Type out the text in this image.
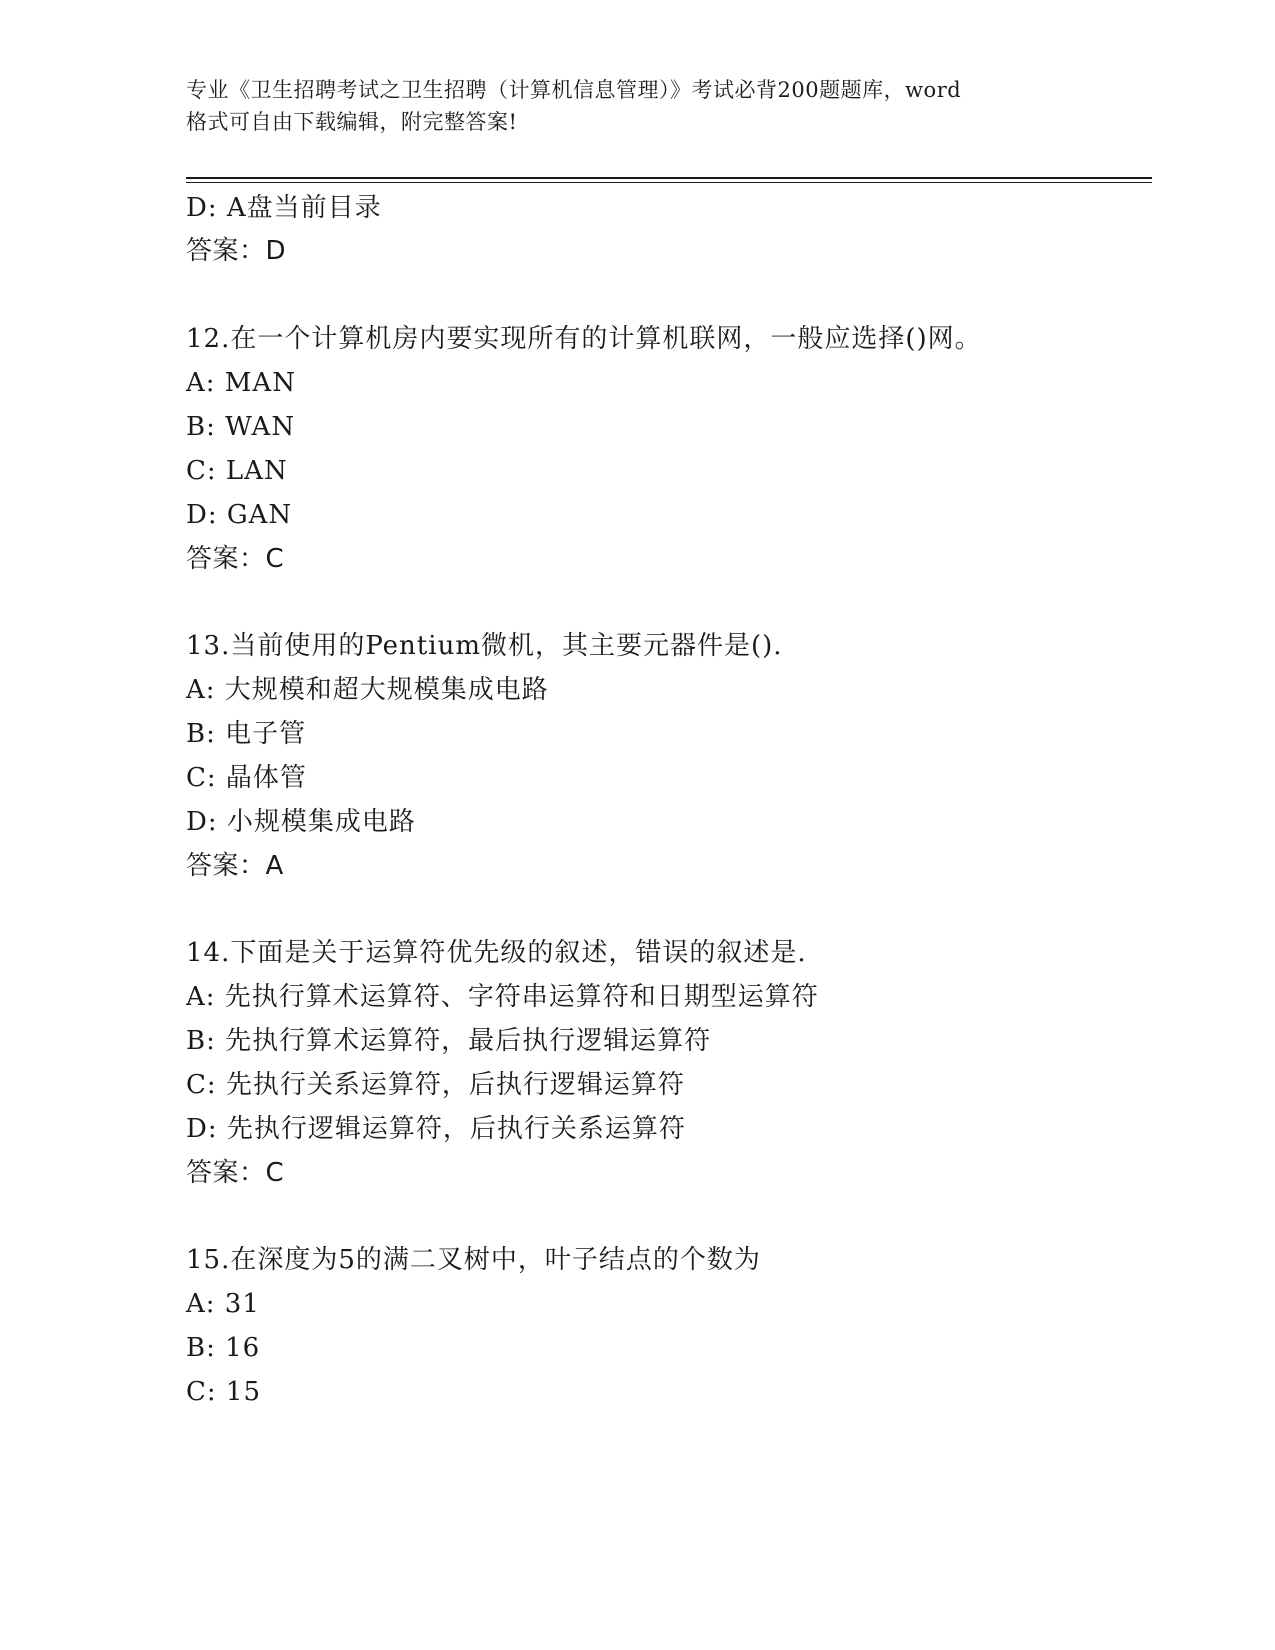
专业《卫生招聘考试之卫生招聘（计算机信息管理）》考试必背200题题库，word
格式可自由下载编辑，附完整答案!
D: A盘当前目录
答案：D
12.在一个计算机房内要实现所有的计算机联网，一般应选择()网。
A: MAN
B: WAN
C: LAN
D: GAN
答案：C
13.当前使用的Pentium微机，其主要元器件是().
A: 大规模和超大规模集成电路
B: 电子管
C: 晶体管
D: 小规模集成电路
答案：A
14.下面是关于运算符优先级的叙述，错误的叙述是.
A: 先执行算术运算符、字符串运算符和日期型运算符
B: 先执行算术运算符，最后执行逻辑运算符
C: 先执行关系运算符，后执行逻辑运算符
D: 先执行逻辑运算符，后执行关系运算符
答案：C
15.在深度为5的满二叉树中，叶子结点的个数为
A: 31
B: 16
C: 15
